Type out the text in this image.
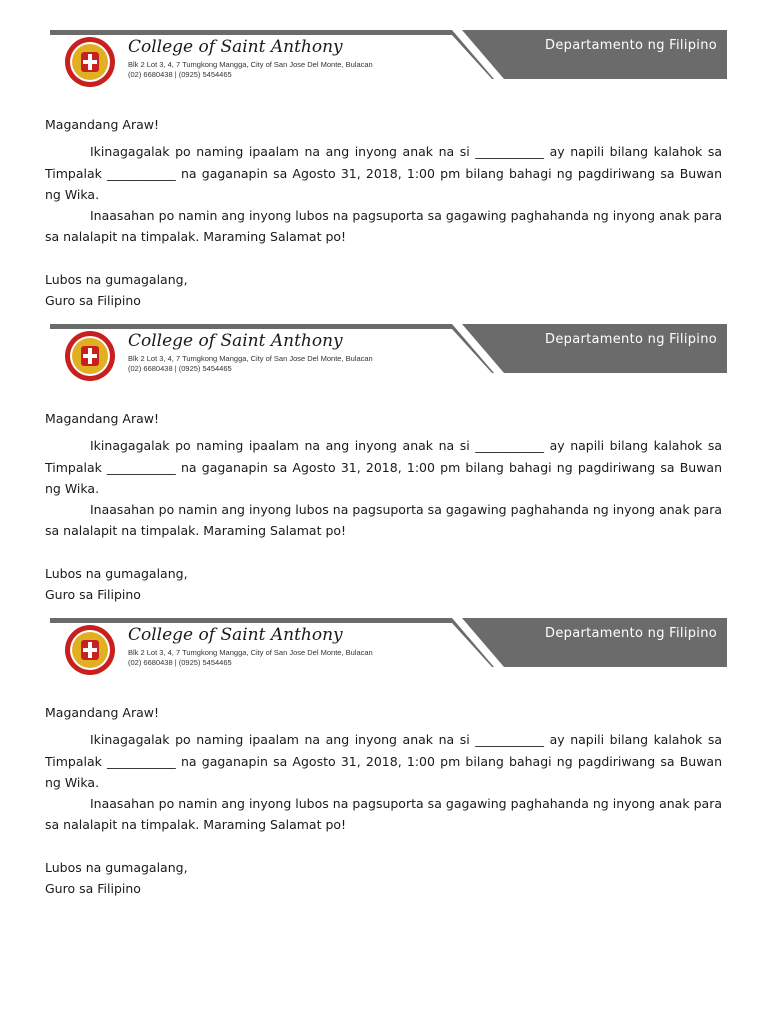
Departamento ng Filipino
College of Saint Anthony
Blk 2 Lot 3, 4, 7 Tumgkong Mangga, City of San Jose Del Monte, Bulacan
(02) 6680438 | (0925) 5454465

Magandang Araw!

Ikinagagalak po naming ipaalam na ang inyong anak na si ___________ ay napili bilang kalahok sa Timpalak ___________ na gaganapin sa Agosto 31, 2018, 1:00 pm bilang bahagi ng pagdiriwang sa Buwan ng Wika.

Inaasahan po namin ang inyong lubos na pagsuporta sa gagawing paghahanda ng inyong anak para sa nalalapit na timpalak. Maraming Salamat po!

Lubos na gumagalang,

Guro sa Filipino

Departamento ng Filipino
College of Saint Anthony
Blk 2 Lot 3, 4, 7 Tumgkong Mangga, City of San Jose Del Monte, Bulacan
(02) 6680438 | (0925) 5454465

Magandang Araw!

Ikinagagalak po naming ipaalam na ang inyong anak na si ___________ ay napili bilang kalahok sa Timpalak ___________ na gaganapin sa Agosto 31, 2018, 1:00 pm bilang bahagi ng pagdiriwang sa Buwan ng Wika.

Inaasahan po namin ang inyong lubos na pagsuporta sa gagawing paghahanda ng inyong anak para sa nalalapit na timpalak. Maraming Salamat po!

Lubos na gumagalang,

Guro sa Filipino

Departamento ng Filipino
College of Saint Anthony
Blk 2 Lot 3, 4, 7 Tumgkong Mangga, City of San Jose Del Monte, Bulacan
(02) 6680438 | (0925) 5454465

Magandang Araw!

Ikinagagalak po naming ipaalam na ang inyong anak na si ___________ ay napili bilang kalahok sa Timpalak ___________ na gaganapin sa Agosto 31, 2018, 1:00 pm bilang bahagi ng pagdiriwang sa Buwan ng Wika.

Inaasahan po namin ang inyong lubos na pagsuporta sa gagawing paghahanda ng inyong anak para sa nalalapit na timpalak. Maraming Salamat po!

Lubos na gumagalang,

Guro sa Filipino
